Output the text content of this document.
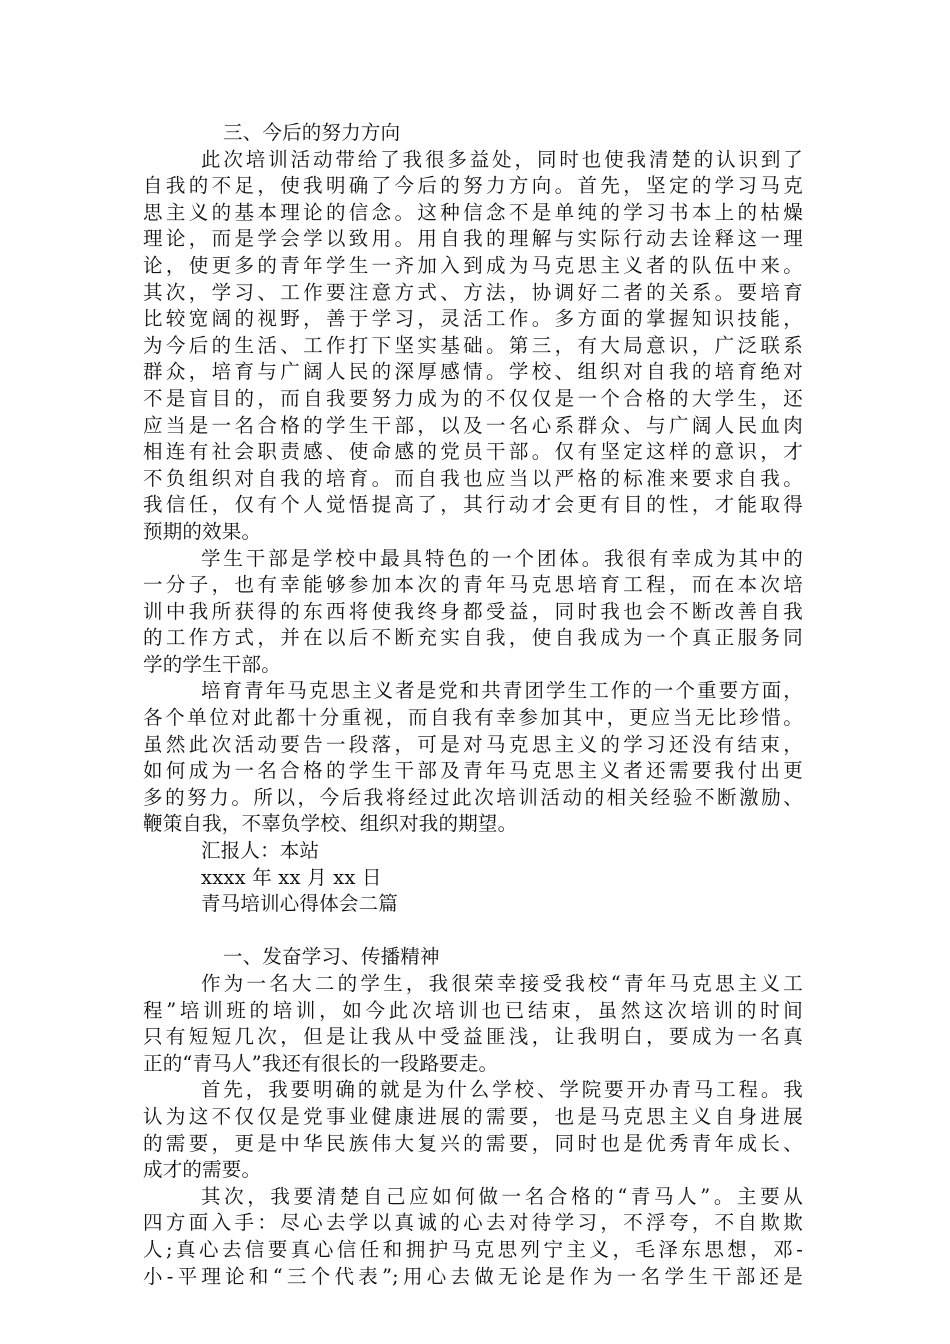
三、今后的努力方向
此次培训活动带给了我很多益处，同时也使我清楚的认识到了
自我的不足，使我明确了今后的努力方向。首先，坚定的学习马克
思主义的基本理论的信念。这种信念不是单纯的学习书本上的枯燥
理论，而是学会学以致用。用自我的理解与实际行动去诠释这一理
论，使更多的青年学生一齐加入到成为马克思主义者的队伍中来。
其次，学习、工作要注意方式、方法，协调好二者的关系。要培育
比较宽阔的视野，善于学习，灵活工作。多方面的掌握知识技能，
为今后的生活、工作打下坚实基础。第三，有大局意识，广泛联系
群众，培育与广阔人民的深厚感情。学校、组织对自我的培育绝对
不是盲目的，而自我要努力成为的不仅仅是一个合格的大学生，还
应当是一名合格的学生干部，以及一名心系群众、与广阔人民血肉
相连有社会职责感、使命感的党员干部。仅有坚定这样的意识，才
不负组织对自我的培育。而自我也应当以严格的标准来要求自我。
我信任，仅有个人觉悟提高了，其行动才会更有目的性，才能取得
预期的效果。
学生干部是学校中最具特色的一个团体。我很有幸成为其中的
一分子，也有幸能够参加本次的青年马克思培育工程，而在本次培
训中我所获得的东西将使我终身都受益，同时我也会不断改善自我
的工作方式，并在以后不断充实自我，使自我成为一个真正服务同
学的学生干部。
培育青年马克思主义者是党和共青团学生工作的一个重要方面，
各个单位对此都十分重视，而自我有幸参加其中，更应当无比珍惜。
虽然此次活动要告一段落，可是对马克思主义的学习还没有结束，
如何成为一名合格的学生干部及青年马克思主义者还需要我付出更
多的努力。所以，今后我将经过此次培训活动的相关经验不断激励、
鞭策自我，不辜负学校、组织对我的期望。
汇报人：本站
xxxx 年 xx 月 xx 日
青马培训心得体会二篇
一、发奋学习、传播精神
作为一名大二的学生，我很荣幸接受我校“青年马克思主义工
程”培训班的培训，如今此次培训也已结束，虽然这次培训的时间
只有短短几次，但是让我从中受益匪浅，让我明白，要成为一名真
正的“青马人”我还有很长的一段路要走。
首先，我要明确的就是为什么学校、学院要开办青马工程。我
认为这不仅仅是党事业健康进展的需要，也是马克思主义自身进展
的需要，更是中华民族伟大复兴的需要，同时也是优秀青年成长、
成才的需要。
其次，我要清楚自己应如何做一名合格的“青马人”。主要从
四方面入手：尽心去学以真诚的心去对待学习，不浮夸，不自欺欺
人;真心去信要真心信任和拥护马克思列宁主义，毛泽东思想，邓-
小-平理论和“三个代表”;用心去做无论是作为一名学生干部还是
